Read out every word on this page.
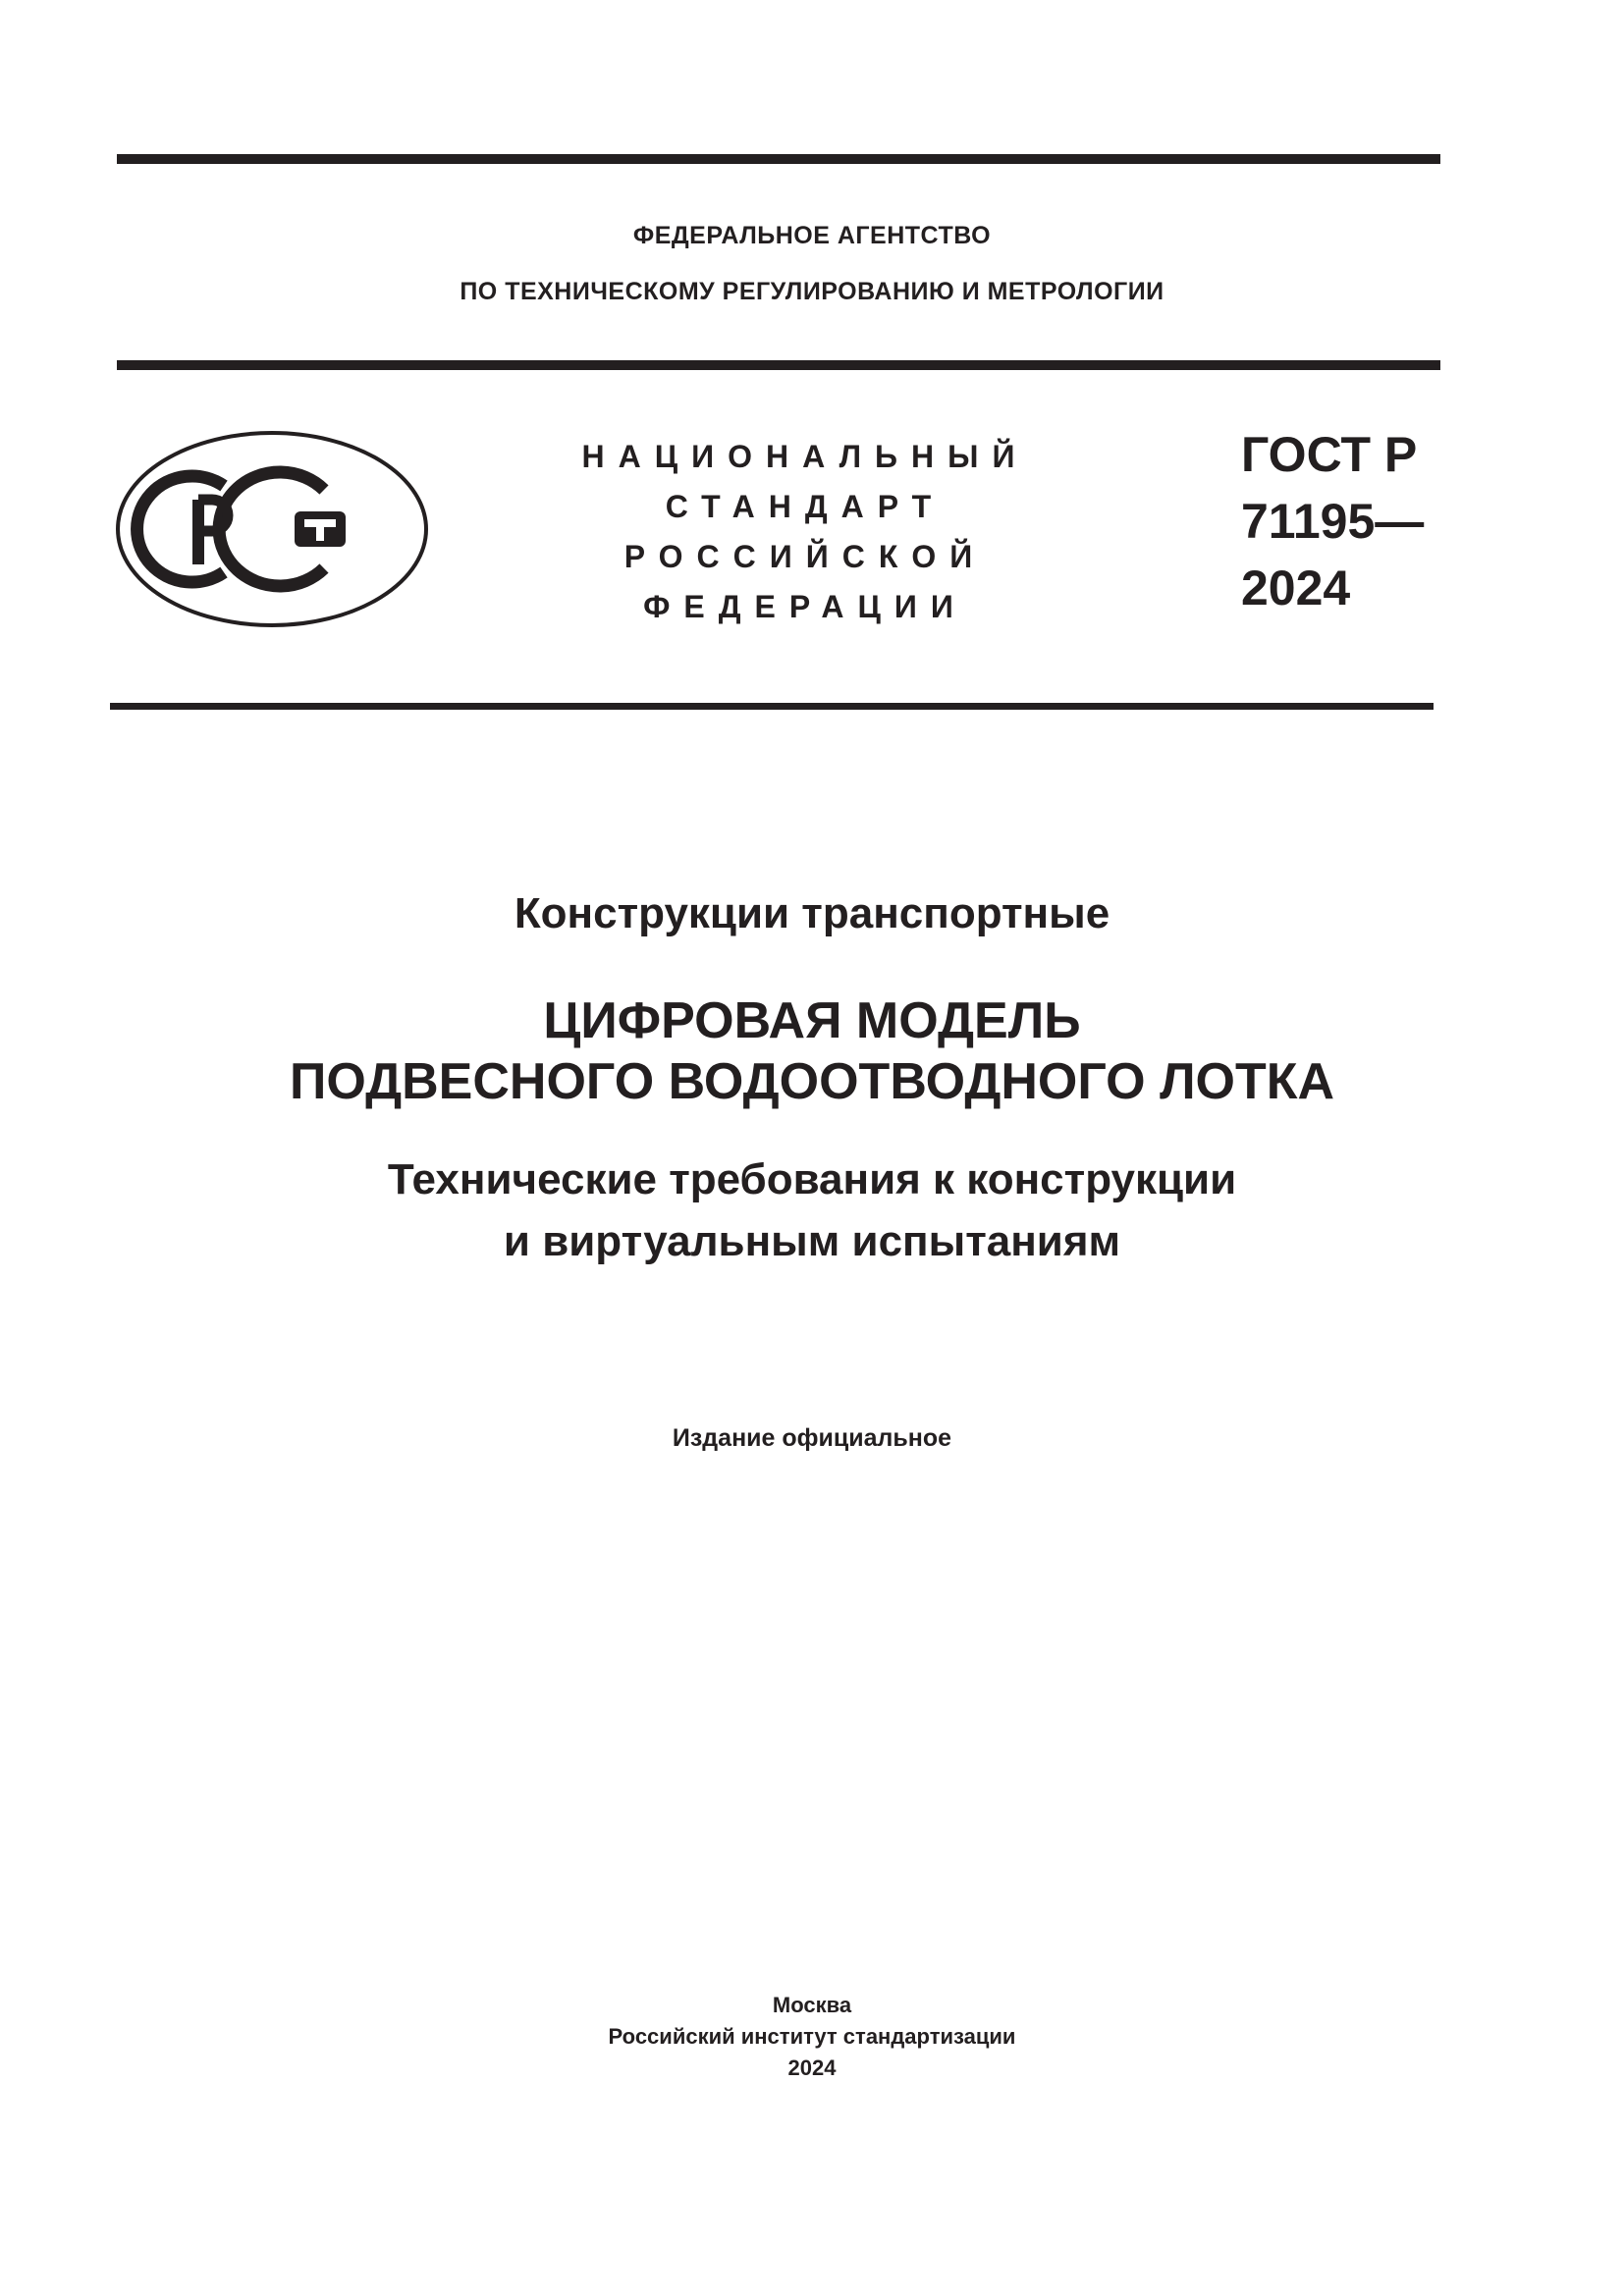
ФЕДЕРАЛЬНОЕ АГЕНТСТВО
ПО ТЕХНИЧЕСКОМУ РЕГУЛИРОВАНИЮ И МЕТРОЛОГИИ
НАЦИОНАЛЬНЫЙ
СТАНДАРТ
РОССИЙСКОЙ
ФЕДЕРАЦИИ
ГОСТ Р
71195—
2024
Конструкции транспортные
ЦИФРОВАЯ МОДЕЛЬ
ПОДВЕСНОГО ВОДООТВОДНОГО ЛОТКА
Технические требования к конструкции
и виртуальным испытаниям
Издание официальное
Москва
Российский институт стандартизации
2024
